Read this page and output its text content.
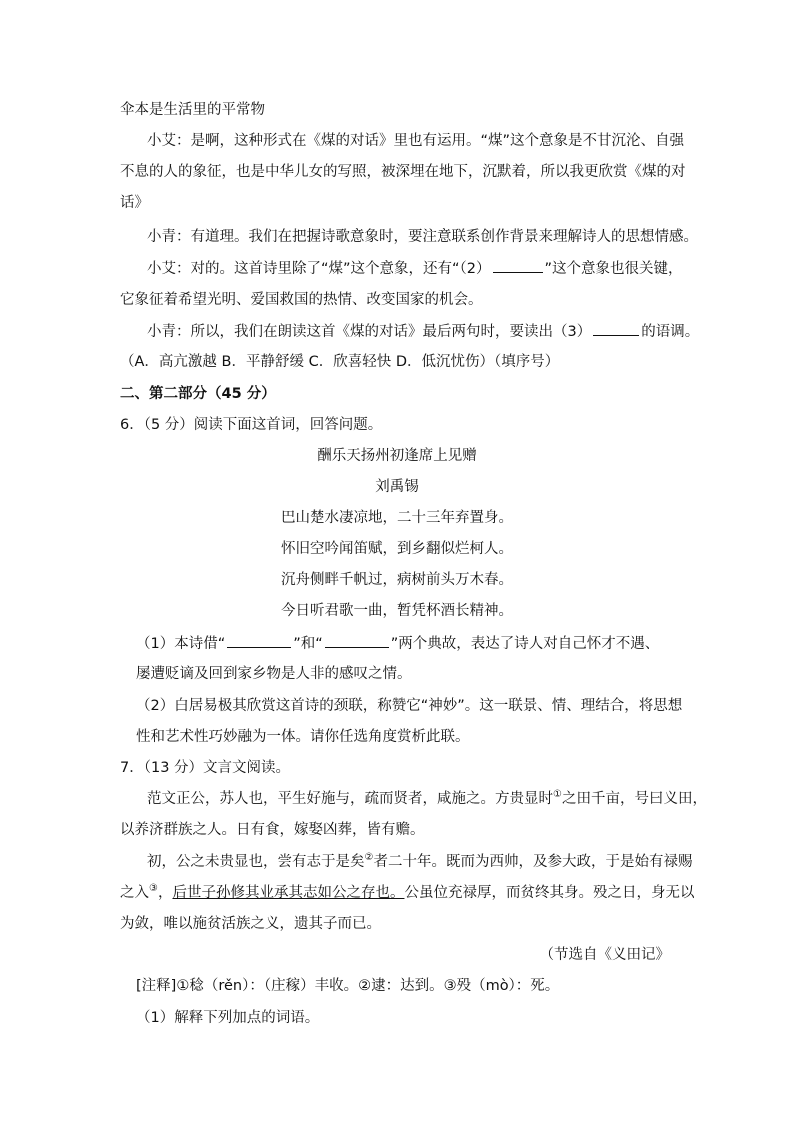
伞本是生活里的平常物
小艾：是啊，这种形式在《煤的对话》里也有运用。“煤”这个意象是不甘沉沦、自强
不息的人的象征，也是中华儿女的写照，被深埋在地下，沉默着，所以我更欣赏《煤的对
话》
小青：有道理。我们在把握诗歌意象时，要注意联系创作背景来理解诗人的思想情感。
小艾：对的。这首诗里除了“煤”这个意象，还有“（2）	”这个意象也很关键，
它象征着希望光明、爱国救国的热情、改变国家的机会。
小青：所以，我们在朗读这首《煤的对话》最后两句时，要读出（3）	的语调。
（A．高亢激越 B．平静舒缓 C．欣喜轻快 D．低沉忧伤）（填序号）
二、第二部分（45 分）
6．（5 分）阅读下面这首词，回答问题。
酬乐天扬州初逢席上见赠
刘禹锡
巴山楚水凄凉地，二十三年弃置身。
怀旧空吟闻笛赋，到乡翻似烂柯人。
沉舟侧畔千帆过，病树前头万木春。
今日听君歌一曲，暂凭杯酒长精神。
（1）本诗借“	”和“	”两个典故，表达了诗人对自己怀才不遇、
屡遭贬谪及回到家乡物是人非的感叹之情。
（2）白居易极其欣赏这首诗的颈联，称赞它“神妙”。这一联景、情、理结合，将思想
性和艺术性巧妙融为一体。请你任选角度赏析此联。
7．（13 分）文言文阅读。
范文正公，苏人也，平生好施与，疏而贤者，咸施之。方贵显时①之田千亩，号曰义田，
以养济群族之人。日有食，嫁娶凶葬，皆有赡。
初，公之未贵显也，尝有志于是矣②者二十年。既而为西帅，及参大政，于是始有禄赐
之入③，后世子孙修其业承其志如公之存也。公虽位充禄厚，而贫终其身。殁之日，身无以
为敛，唯以施贫活族之义，遗其子而已。
（节选自《义田记》
[注释]①稔（rěn）：（庄稼）丰收。②逮：达到。③殁（mò）：死。
（1）解释下列加点的词语。
